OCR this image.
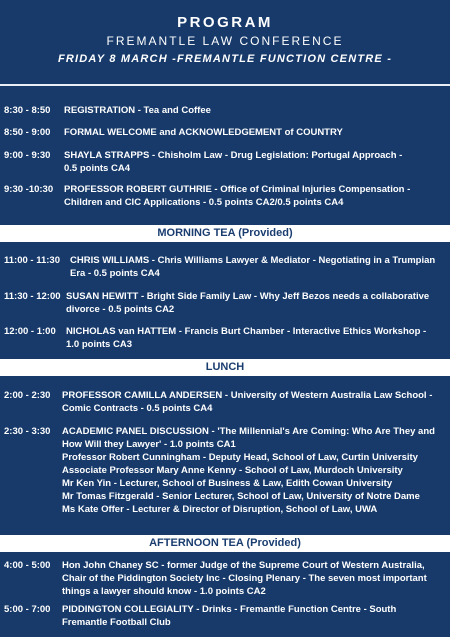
PROGRAM
FREMANTLE LAW CONFERENCE
FRIDAY 8 MARCH -FREMANTLE FUNCTION CENTRE -
8:30 - 8:50 REGISTRATION - Tea and Coffee
8:50 - 9:00 FORMAL WELCOME and ACKNOWLEDGEMENT of COUNTRY
9:00 - 9:30 SHAYLA STRAPPS - Chisholm Law - Drug Legislation: Portugal Approach -
0.5 points CA4
9:30 -10:30 PROFESSOR ROBERT GUTHRIE - Office of Criminal Injuries Compensation -
Children and CIC Applications - 0.5 points CA2/0.5 points CA4
MORNING TEA (Provided)
11:00 - 11:30 CHRIS WILLIAMS - Chris Williams Lawyer & Mediator - Negotiating in a Trumpian
Era - 0.5 points CA4
11:30 - 12:00 SUSAN HEWITT - Bright Side Family Law - Why Jeff Bezos needs a collaborative
divorce - 0.5 points CA2
12:00 - 1:00 NICHOLAS van HATTEM - Francis Burt Chamber - Interactive Ethics Workshop -
1.0 points CA3
LUNCH
2:00 - 2:30 PROFESSOR CAMILLA ANDERSEN - University of Western Australia Law School -
Comic Contracts - 0.5 points CA4
2:30 - 3:30 ACADEMIC PANEL DISCUSSION - 'The Millennial's Are Coming: Who Are They and
How Will they Lawyer' - 1.0 points CA1
Professor Robert Cunningham - Deputy Head, School of Law, Curtin University
Associate Professor Mary Anne Kenny - School of Law, Murdoch University
Mr Ken Yin - Lecturer, School of Business & Law, Edith Cowan University
Mr Tomas Fitzgerald - Senior Lecturer, School of Law, University of Notre Dame
Ms Kate Offer - Lecturer & Director of Disruption, School of Law, UWA
AFTERNOON TEA (Provided)
4:00 - 5:00 Hon John Chaney SC - former Judge of the Supreme Court of Western Australia,
Chair of the Piddington Society Inc - Closing Plenary - The seven most important
things a lawyer should know - 1.0 points CA2
5:00 - 7:00 PIDDINGTON COLLEGIALITY - Drinks - Fremantle Function Centre - South
Fremantle Football Club
